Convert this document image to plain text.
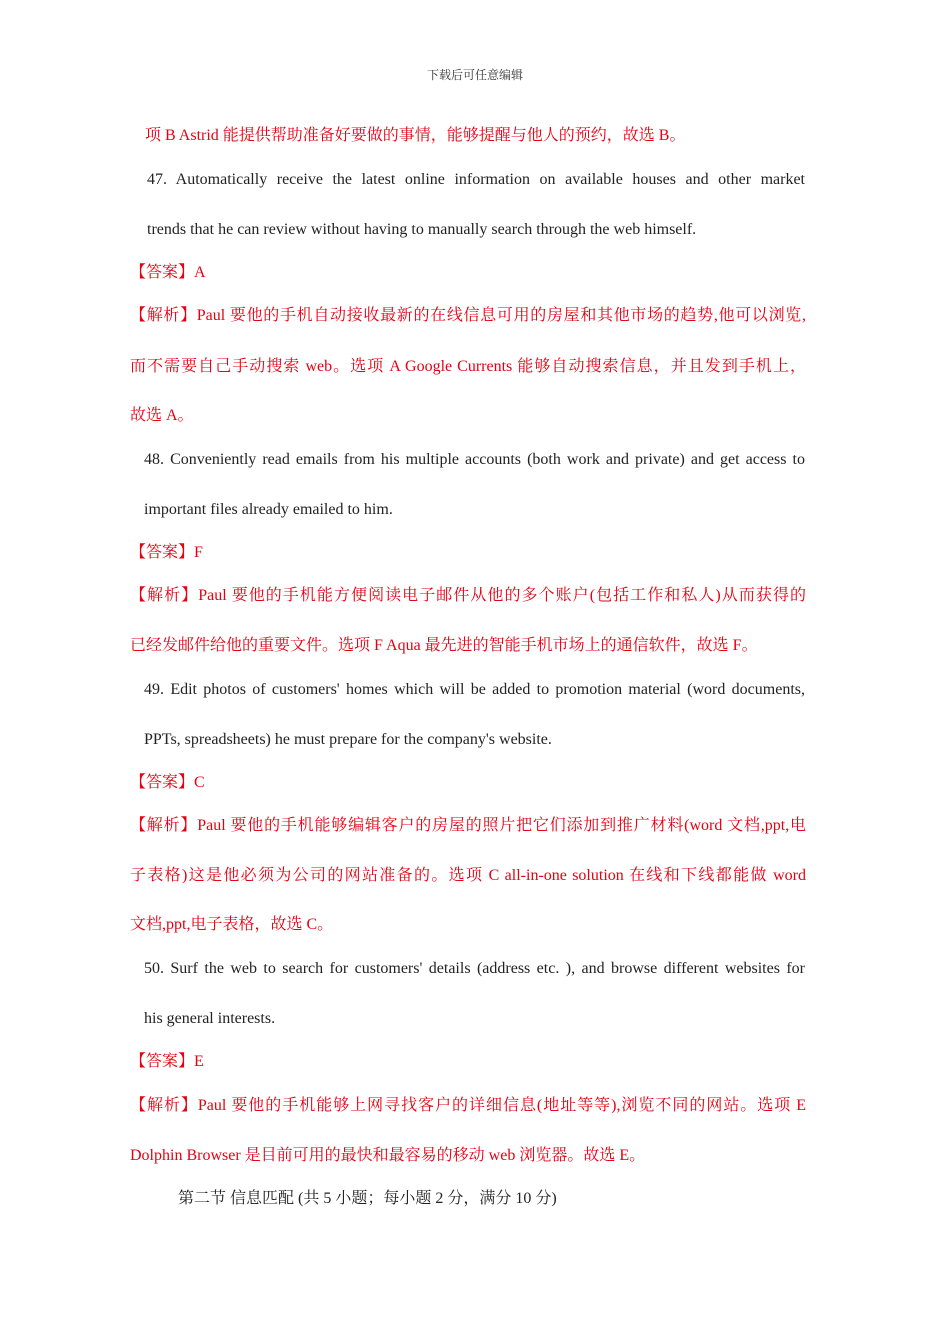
下载后可任意编辑
项 B Astrid 能提供帮助准备好要做的事情，能够提醒与他人的预约，故选 B。
47. Automatically receive the latest online information on available houses and other market
trends that he can review without having to manually search through the web himself.
【答案】A
【解析】Paul 要他的手机自动接收最新的在线信息可用的房屋和其他市场的趋势,他可以浏览,
而不需要自己手动搜索 web。选项 A Google Currents 能够自动搜索信息，并且发到手机上，
故选 A。
48. Conveniently read emails from his multiple accounts (both work and private) and get access to
important files already emailed to him.
【答案】F
【解析】Paul 要他的手机能方便阅读电子邮件从他的多个账户(包括工作和私人)从而获得的
已经发邮件给他的重要文件。选项 F Aqua 最先进的智能手机市场上的通信软件，故选 F。
49. Edit photos of customers' homes which will be added to promotion material (word documents,
PPTs, spreadsheets) he must prepare for the company's website.
【答案】C
【解析】Paul 要他的手机能够编辑客户的房屋的照片把它们添加到推广材料(word 文档,ppt,电
子表格)这是他必须为公司的网站准备的。选项 C all-in-one solution 在线和下线都能做 word
文档,ppt,电子表格，故选 C。
50. Surf the web to search for customers' details (address etc. ), and browse different websites for
his general interests.
【答案】E
【解析】Paul 要他的手机能够上网寻找客户的详细信息(地址等等),浏览不同的网站。选项 E
Dolphin Browser 是目前可用的最快和最容易的移动 web 浏览器。故选 E。
第二节 信息匹配 (共 5 小题；每小题 2 分，满分 10 分)
